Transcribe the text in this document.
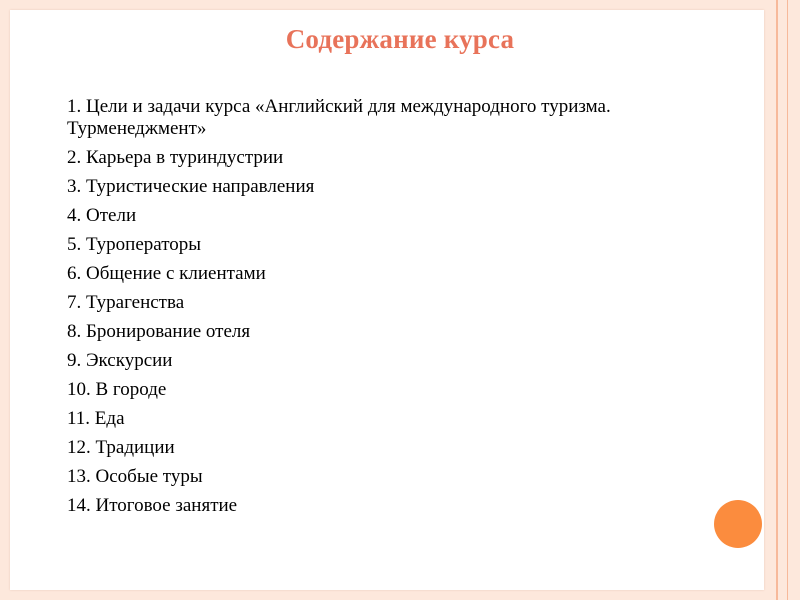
Содержание курса
1. Цели и задачи курса «Английский для международного туризма. Турменеджмент»
2. Карьера в туриндустрии
3. Туристические направления
4. Отели
5. Туроператоры
6. Общение с клиентами
7. Турагенства
8. Бронирование отеля
9. Экскурсии
10. В городе
11. Еда
12. Традиции
13. Особые туры
14. Итоговое занятие
